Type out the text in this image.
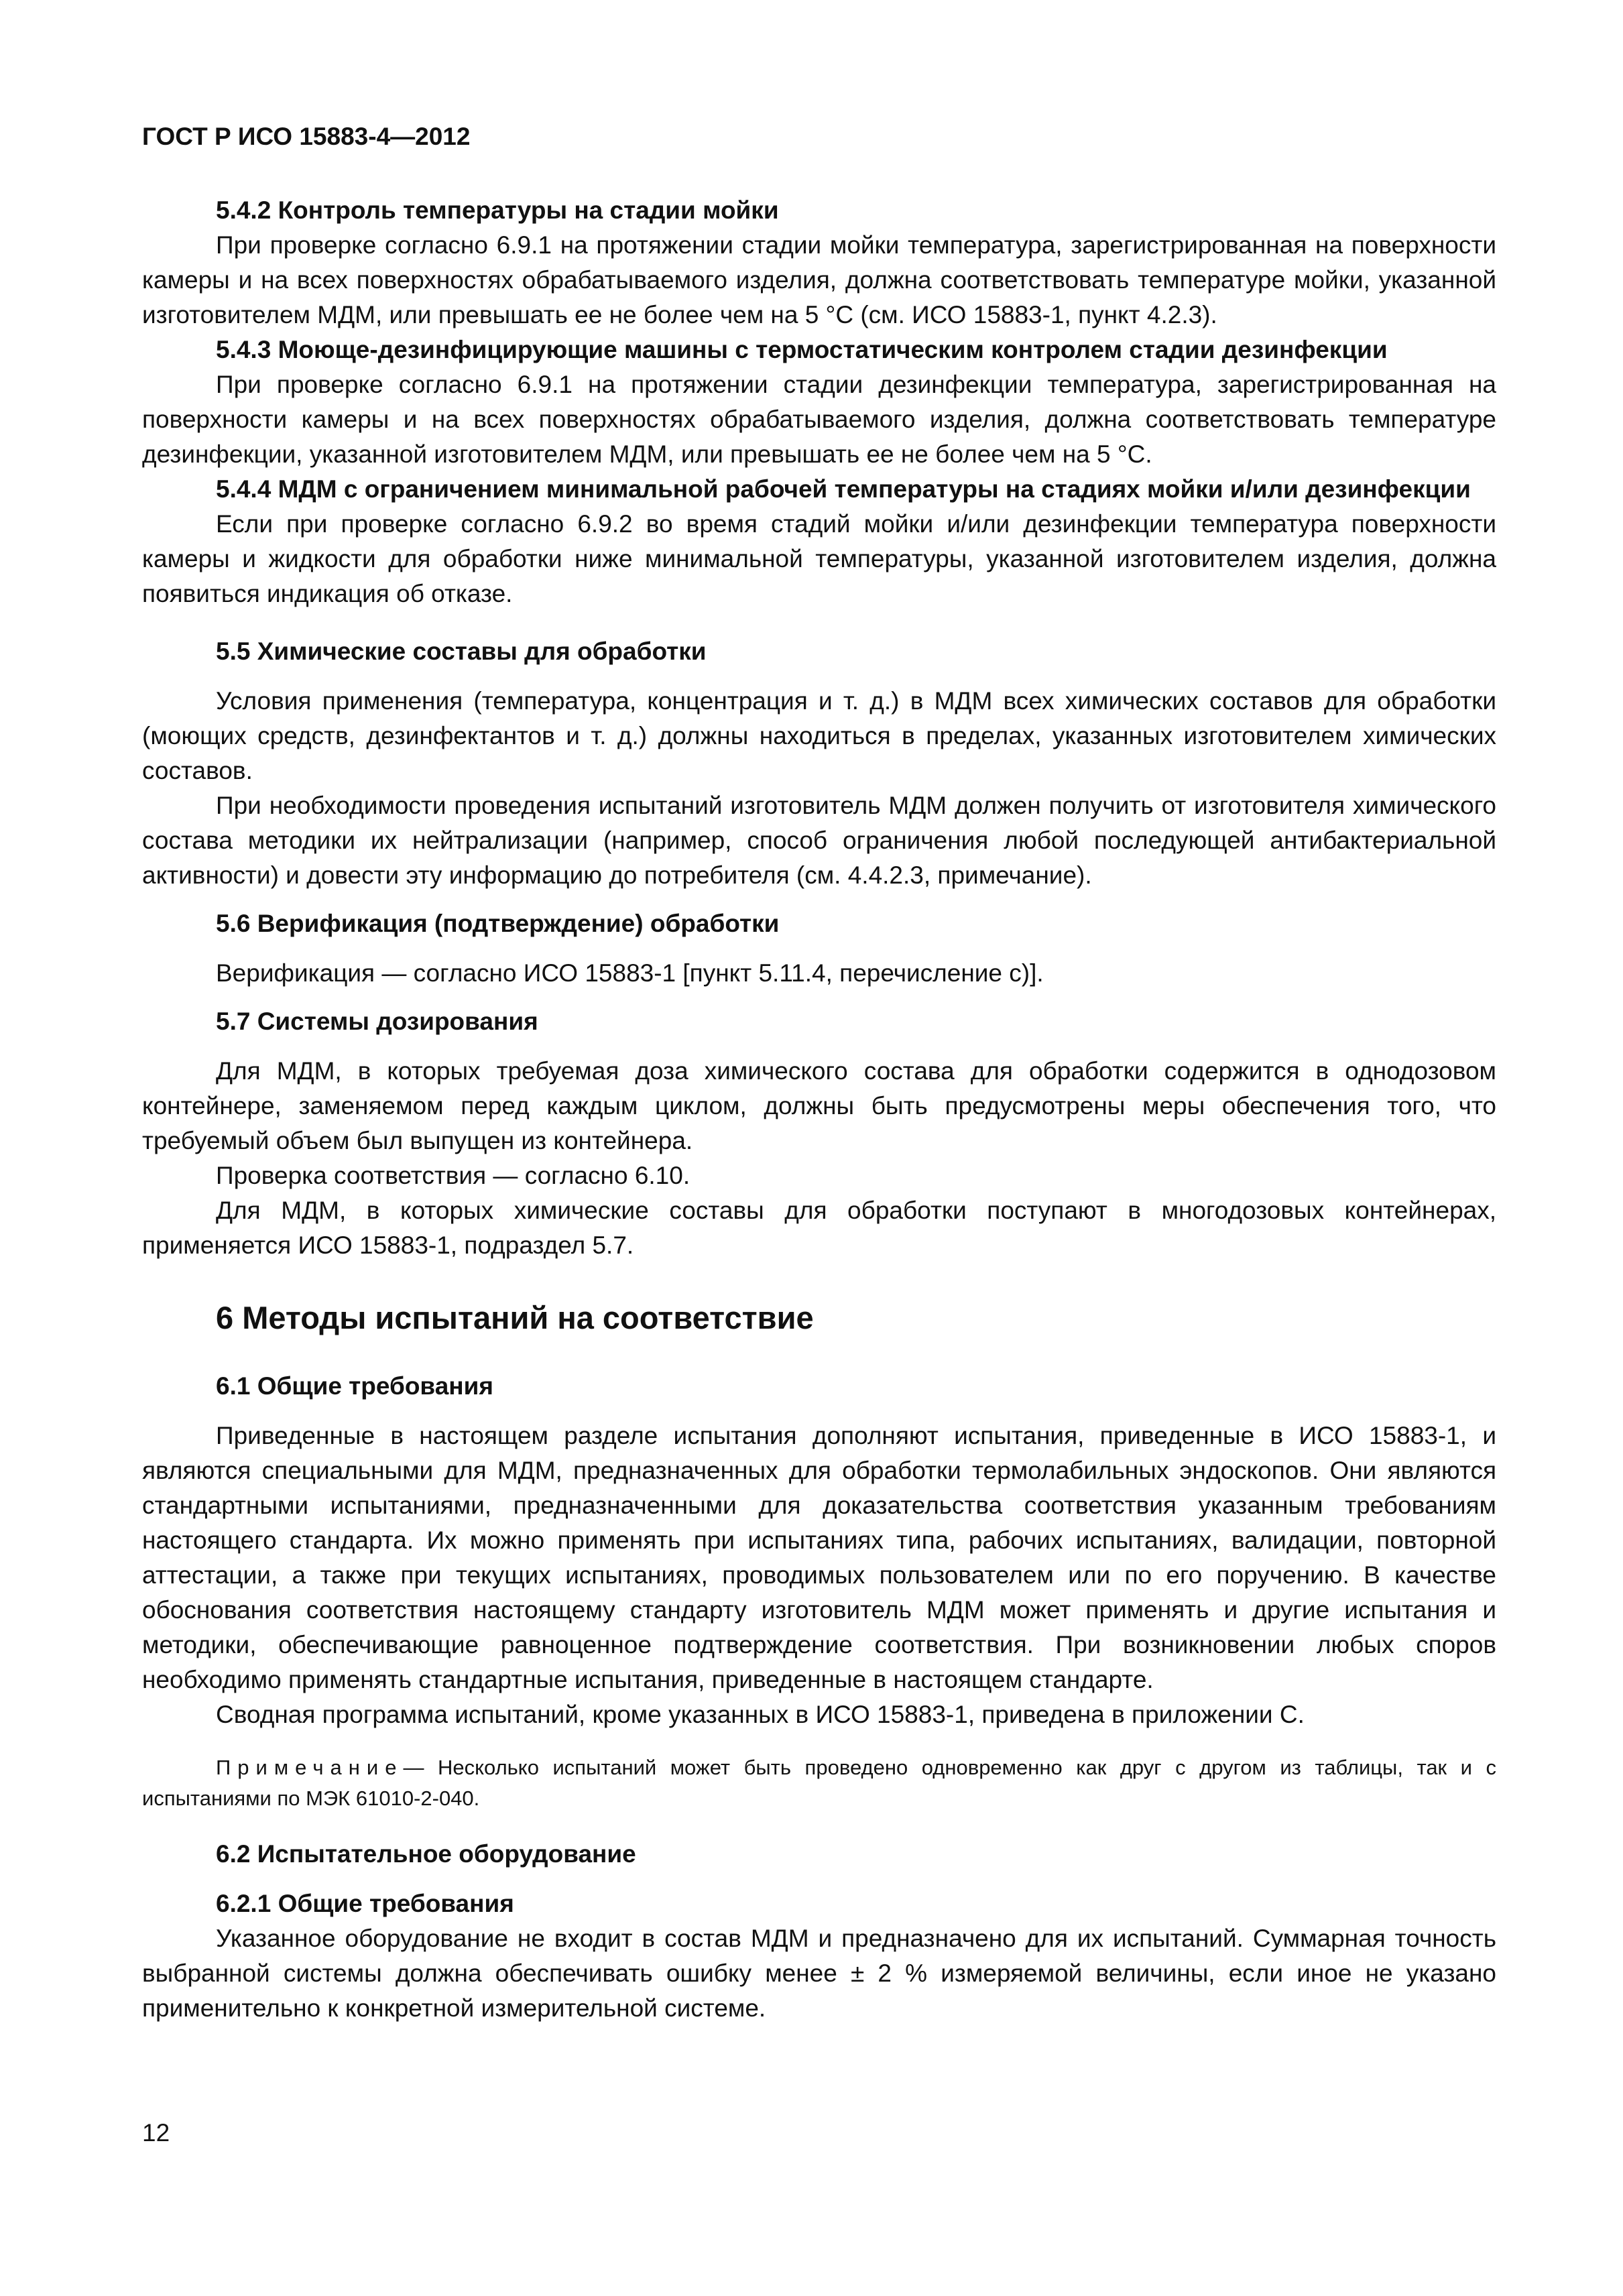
ГОСТ Р ИСО 15883-4—2012

5.4.2 Контроль температуры на стадии мойки

При проверке согласно 6.9.1 на протяжении стадии мойки температура, зарегистрированная на поверхности камеры и на всех поверхностях обрабатываемого изделия, должна соответствовать температуре мойки, указанной изготовителем МДМ, или превышать ее не более чем на 5 °С (см. ИСО 15883-1, пункт 4.2.3).

5.4.3 Моюще-дезинфицирующие машины с термостатическим контролем стадии дезинфекции

При проверке согласно 6.9.1 на протяжении стадии дезинфекции температура, зарегистрированная на поверхности камеры и на всех поверхностях обрабатываемого изделия, должна соответствовать температуре дезинфекции, указанной изготовителем МДМ, или превышать ее не более чем на 5 °С.

5.4.4 МДМ с ограничением минимальной рабочей температуры на стадиях мойки и/или дезинфекции

Если при проверке согласно 6.9.2 во время стадий мойки и/или дезинфекции температура поверхности камеры и жидкости для обработки ниже минимальной температуры, указанной изготовителем изделия, должна появиться индикация об отказе.

5.5 Химические составы для обработки

Условия применения (температура, концентрация и т. д.) в МДМ всех химических составов для обработки (моющих средств, дезинфектантов и т. д.) должны находиться в пределах, указанных изготовителем химических составов.

При необходимости проведения испытаний изготовитель МДМ должен получить от изготовителя химического состава методики их нейтрализации (например, способ ограничения любой последующей антибактериальной активности) и довести эту информацию до потребителя (см. 4.4.2.3, примечание).

5.6 Верификация (подтверждение) обработки

Верификация — согласно ИСО 15883-1 [пункт 5.11.4, перечисление с)].

5.7 Системы дозирования

Для МДМ, в которых требуемая доза химического состава для обработки содержится в однодозовом контейнере, заменяемом перед каждым циклом, должны быть предусмотрены меры обеспечения того, что требуемый объем был выпущен из контейнера.

Проверка соответствия — согласно 6.10.

Для МДМ, в которых химические составы для обработки поступают в многодозовых контейнерах, применяется ИСО 15883-1, подраздел 5.7.

6 Методы испытаний на соответствие

6.1 Общие требования

Приведенные в настоящем разделе испытания дополняют испытания, приведенные в ИСО 15883-1, и являются специальными для МДМ, предназначенных для обработки термолабильных эндоскопов. Они являются стандартными испытаниями, предназначенными для доказательства соответствия указанным требованиям настоящего стандарта. Их можно применять при испытаниях типа, рабочих испытаниях, валидации, повторной аттестации, а также при текущих испытаниях, проводимых пользователем или по его поручению. В качестве обоснования соответствия настоящему стандарту изготовитель МДМ может применять и другие испытания и методики, обеспечивающие равноценное подтверждение соответствия. При возникновении любых споров необходимо применять стандартные испытания, приведенные в настоящем стандарте.

Сводная программа испытаний, кроме указанных в ИСО 15883-1, приведена в приложении С.

Примечание— Несколько испытаний может быть проведено одновременно как друг с другом из таблицы, так и с испытаниями по МЭК 61010-2-040.

6.2 Испытательное оборудование

6.2.1 Общие требования

Указанное оборудование не входит в состав МДМ и предназначено для их испытаний. Суммарная точность выбранной системы должна обеспечивать ошибку менее ± 2 % измеряемой величины, если иное не указано применительно к конкретной измерительной системе.

12
